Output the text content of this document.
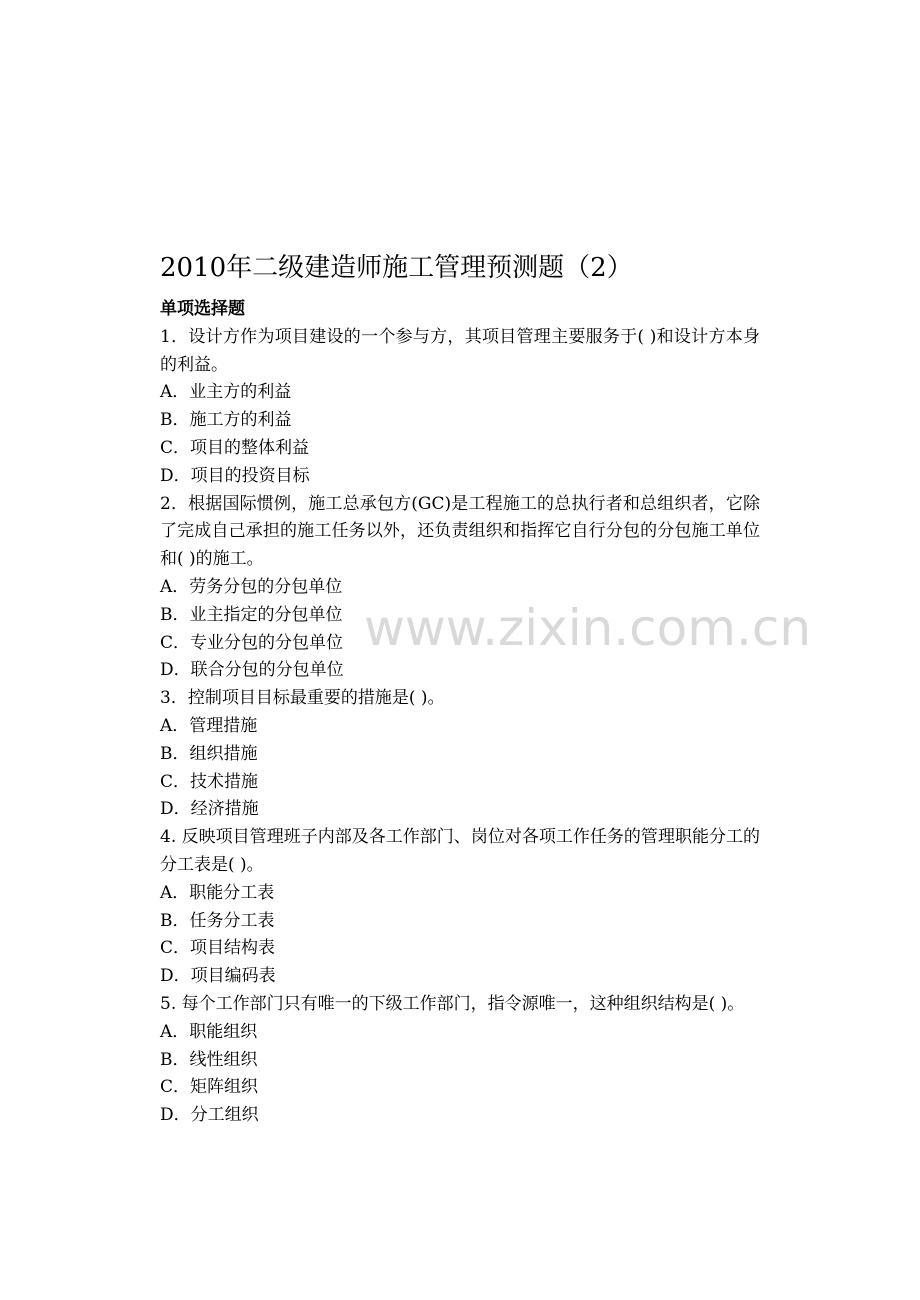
2010年二级建造师施工管理预测题（2）

单项选择题

1．设计方作为项目建设的一个参与方，其项目管理主要服务于( )和设计方本身的利益。

A．业主方的利益

B．施工方的利益

C．项目的整体利益

D．项目的投资目标

2．根据国际惯例，施工总承包方(GC)是工程施工的总执行者和总组织者，它除了完成自己承担的施工任务以外，还负责组织和指挥它自行分包的分包施工单位和( )的施工。

A．劳务分包的分包单位

B．业主指定的分包单位

C．专业分包的分包单位

D．联合分包的分包单位

3．控制项目目标最重要的措施是( )。

A．管理措施

B．组织措施

C．技术措施

D．经济措施

4. 反映项目管理班子内部及各工作部门、岗位对各项工作任务的管理职能分工的分工表是( )。

A．职能分工表

B．任务分工表

C．项目结构表

D．项目编码表

5. 每个工作部门只有唯一的下级工作部门，指令源唯一，这种组织结构是( )。

A．职能组织

B．线性组织

C．矩阵组织

D．分工组织

www.zixin.com.cn
